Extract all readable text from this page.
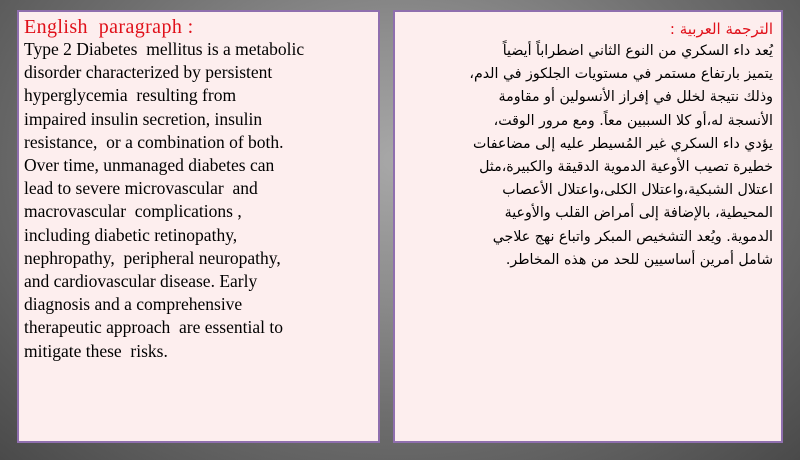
English  paragraph :
Type 2 Diabetes  mellitus is a metabolic
disorder characterized by persistent
hyperglycemia  resulting from
impaired insulin secretion, insulin
resistance,  or a combination of both.
Over time, unmanaged diabetes can
lead to severe microvascular  and
macrovascular  complications ,
including diabetic retinopathy,
nephropathy,  peripheral neuropathy,
and cardiovascular disease. Early
diagnosis and a comprehensive
therapeutic approach  are essential to
mitigate these  risks.
الترجمة العربية :
يُعد داء السكري من النوع الثاني اضطراباً أيضياً
يتميز بارتفاع مستمر في مستويات الجلكوز في الدم،
وذلك نتيجة لخلل في إفراز الأنسولين أو مقاومة
الأنسجة له،أو كلا السببين معاً. ومع مرور الوقت،
يؤدي داء السكري غير المُسيطر عليه إلى مضاعفات
خطيرة تصيب الأوعية الدموية الدقيقة والكبيرة،مثل
اعتلال الشبكية،واعتلال الكلى،واعتلال الأعصاب
المحيطية، بالإضافة إلى أمراض القلب والأوعية
الدموية. ويُعد التشخيص المبكر واتباع نهج علاجي
شامل أمرين أساسيين للحد من هذه المخاطر.
